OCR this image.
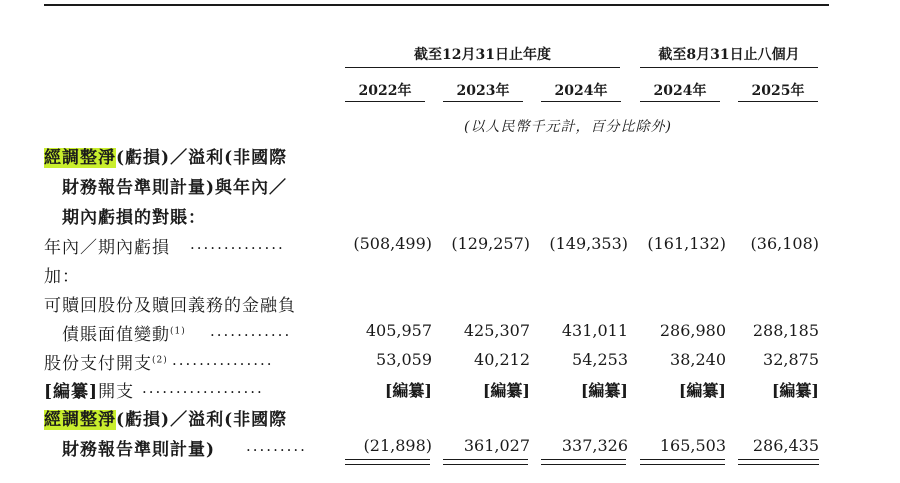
截至12月31日止年度	截至8月31日止八個月
2022年	2023年	2024年	2024年	2025年
(以人民幣千元計，百分比除外)
經調整淨(虧損)／溢利(非國際
財務報告準則計量)與年內／
期內虧損的對賬：
年內／期內虧損 ..............	(508,499)	(129,257)	(149,353)	(161,132)	(36,108)
加：
可贖回股份及贖回義務的金融負
債賬面值變動$^{(1)}$ ............	405,957	425,307	431,011	286,980	288,185
股份支付開支$^{(2)}$ ...............	53,059	40,212	54,253	38,240	32,875
[編纂]開支 ..................	[編纂]	[編纂]	[編纂]	[編纂]	[編纂]
經調整淨(虧損)／溢利(非國際
財務報告準則計量) .........	(21,898)	361,027	337,326	165,503	286,435
